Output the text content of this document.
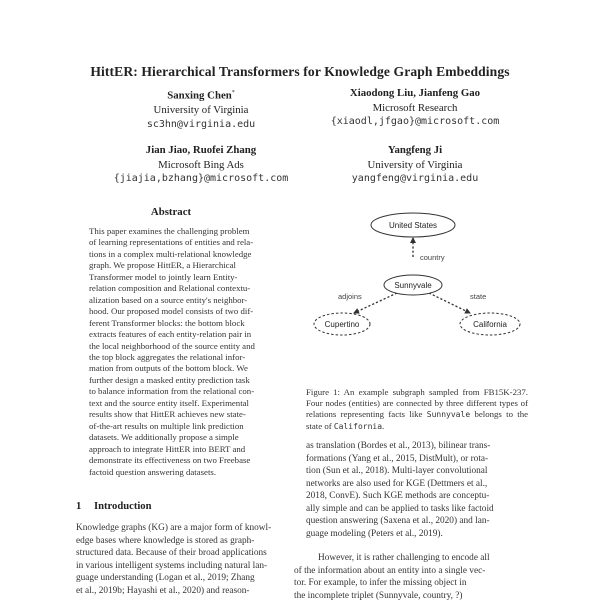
HittER: Hierarchical Transformers for Knowledge Graph Embeddings
Sanxing Chen*
University of Virginia
sc3hn@virginia.edu
Xiaodong Liu, Jianfeng Gao
Microsoft Research
{xiaodl,jfgao}@microsoft.com
Jian Jiao, Ruofei Zhang
Microsoft Bing Ads
{jiajia,bzhang}@microsoft.com
Yangfeng Ji
University of Virginia
yangfeng@virginia.edu
Abstract
This paper examines the challenging problem
of learning representations of entities and rela-
tions in a complex multi-relational knowledge
graph. We propose HittER, a Hierarchical
Transformer model to jointly learn Entity-
relation composition and Relational contextu-
alization based on a source entity's neighbor-
hood. Our proposed model consists of two dif-
ferent Transformer blocks: the bottom block
extracts features of each entity-relation pair in
the local neighborhood of the source entity and
the top block aggregates the relational infor-
mation from outputs of the bottom block. We
further design a masked entity prediction task
to balance information from the relational con-
text and the source entity itself. Experimental
results show that HittER achieves new state-
of-the-art results on multiple link prediction
datasets. We additionally propose a simple
approach to integrate HittER into BERT and
demonstrate its effectiveness on two Freebase
factoid question answering datasets.
1 Introduction
Knowledge graphs (KG) are a major form of knowl-
edge bases where knowledge is stored as graph-
structured data. Because of their broad applications
in various intelligent systems including natural lan-
guage understanding (Logan et al., 2019; Zhang
et al., 2019b; Hayashi et al., 2020) and reason-
country
adjoins	state
United States
Sunnyvale
Cupertino	California
Figure 1: An example subgraph sampled from FB15K-237. Four nodes (entities) are connected by three different types of relations representing facts like Sunnyvale belongs to the state of California.
as translation (Bordes et al., 2013), bilinear trans-
formations (Yang et al., 2015, DistMult), or rota-
tion (Sun et al., 2018). Multi-layer convolutional
networks are also used for KGE (Dettmers et al.,
2018, ConvE). Such KGE methods are conceptu-
ally simple and can be applied to tasks like factoid
question answering (Saxena et al., 2020) and lan-
guage modeling (Peters et al., 2019).
However, it is rather challenging to encode all
of the information about an entity into a single vec-
tor. For example, to infer the missing object in
the incomplete triplet (Sunnyvale, country, ?)
